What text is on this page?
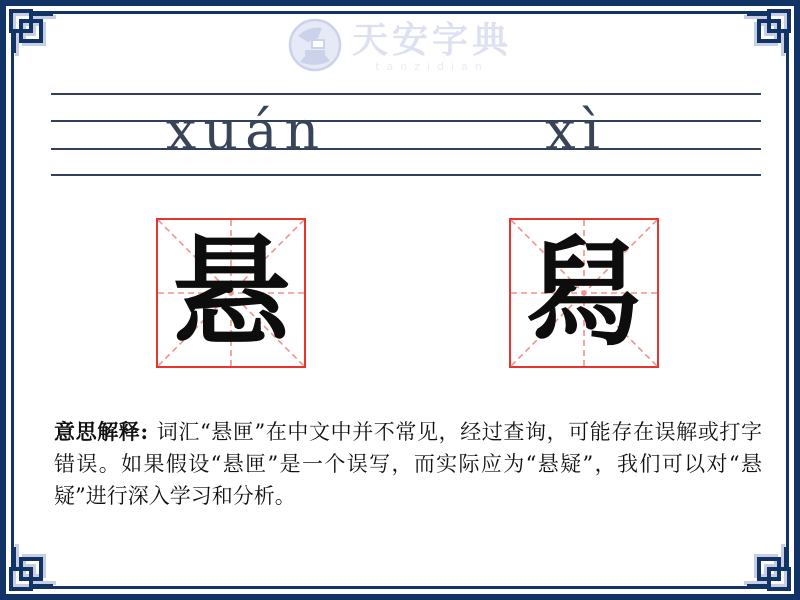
天安字典
tanzidian
xuán	xì
悬 舄

意思解释: 词汇“悬匣”在中文中并不常见，经过查询，可能存在误解或打字错误。如果假设“悬匣”是一个误写，而实际应为“悬疑”，我们可以对“悬疑”进行深入学习和分析。
